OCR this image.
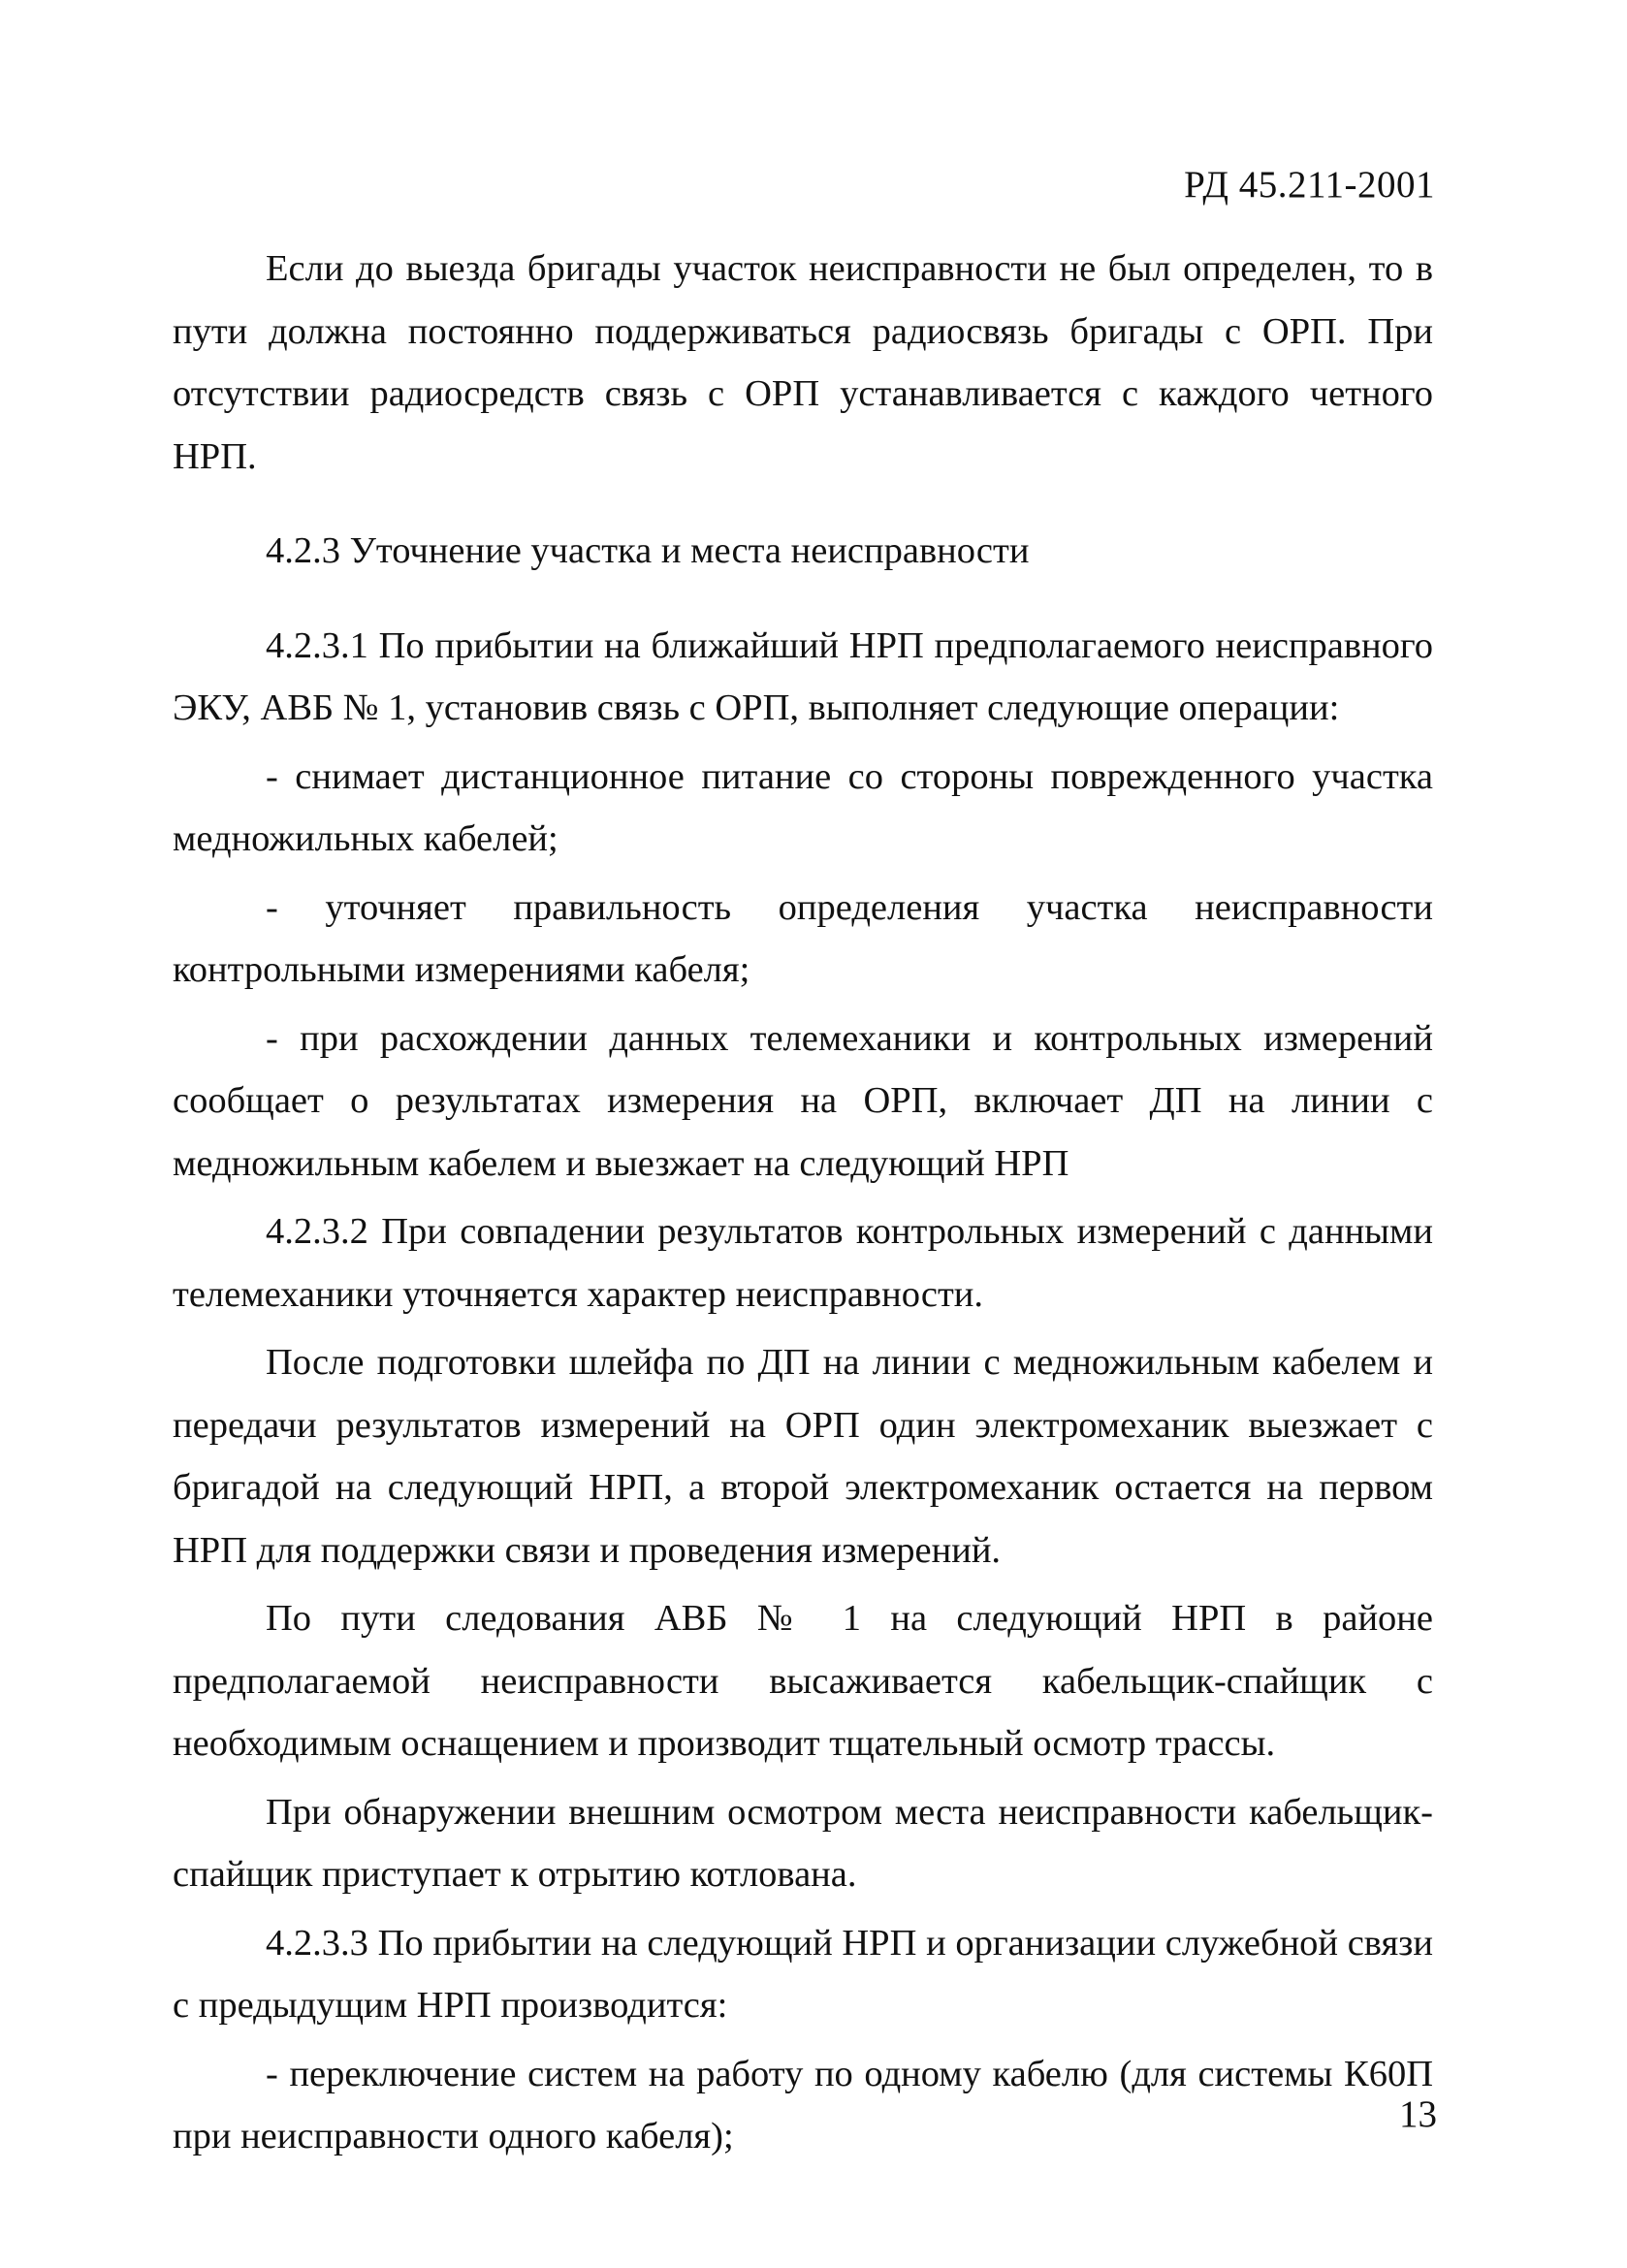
РД 45.211-2001

Если до выезда бригады участок неисправности не был определен, то в пути должна постоянно поддерживаться радиосвязь бригады с ОРП. При отсутствии радиосредств связь с ОРП устанавливается с каждого четного НРП.

4.2.3 Уточнение участка и места неисправности

4.2.3.1 По прибытии на ближайший НРП предполагаемого неисправного ЭКУ, АВБ № 1, установив связь с ОРП, выполняет следующие операции:

- снимает дистанционное питание со стороны поврежденного участка медножильных кабелей;

- уточняет правильность определения участка неисправности контрольными измерениями кабеля;

- при расхождении данных телемеханики и контрольных измерений сообщает о результатах измерения на ОРП, включает ДП на линии с медножильным кабелем и выезжает на следующий НРП

4.2.3.2 При совпадении результатов контрольных измерений с данными телемеханики уточняется характер неисправности.

После подготовки шлейфа по ДП на линии с медножильным кабелем и передачи результатов измерений на ОРП один электромеханик выезжает с бригадой на следующий НРП, а второй электромеханик остается на первом НРП для поддержки связи и проведения измерений.

По пути следования АВБ № 1 на следующий НРП в районе предполагаемой неисправности высаживается кабельщик-спайщик с необходимым оснащением и производит тщательный осмотр трассы.

При обнаружении внешним осмотром места неисправности кабельщик-спайщик приступает к отрытию котлована.

4.2.3.3 По прибытии на следующий НРП и организации служебной связи с предыдущим НРП производится:

- переключение систем на работу по одному кабелю (для системы К60П при неисправности одного кабеля);

13
